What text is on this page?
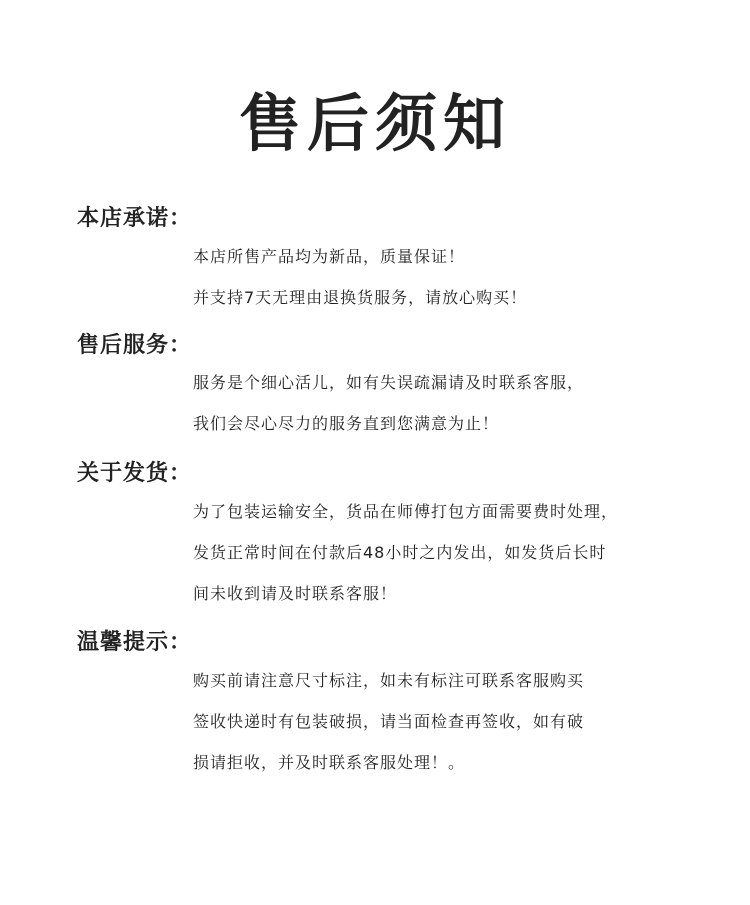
售后须知
本店承诺：
本店所售产品均为新品，质量保证！
并支持7天无理由退换货服务，请放心购买！
售后服务：
服务是个细心活儿，如有失误疏漏请及时联系客服，
我们会尽心尽力的服务直到您满意为止！
关于发货：
为了包装运输安全，货品在师傅打包方面需要费时处理，
发货正常时间在付款后48小时之内发出，如发货后长时
间未收到请及时联系客服！
温馨提示：
购买前请注意尺寸标注，如未有标注可联系客服购买
签收快递时有包装破损，请当面检查再签收，如有破
损请拒收，并及时联系客服处理！。
